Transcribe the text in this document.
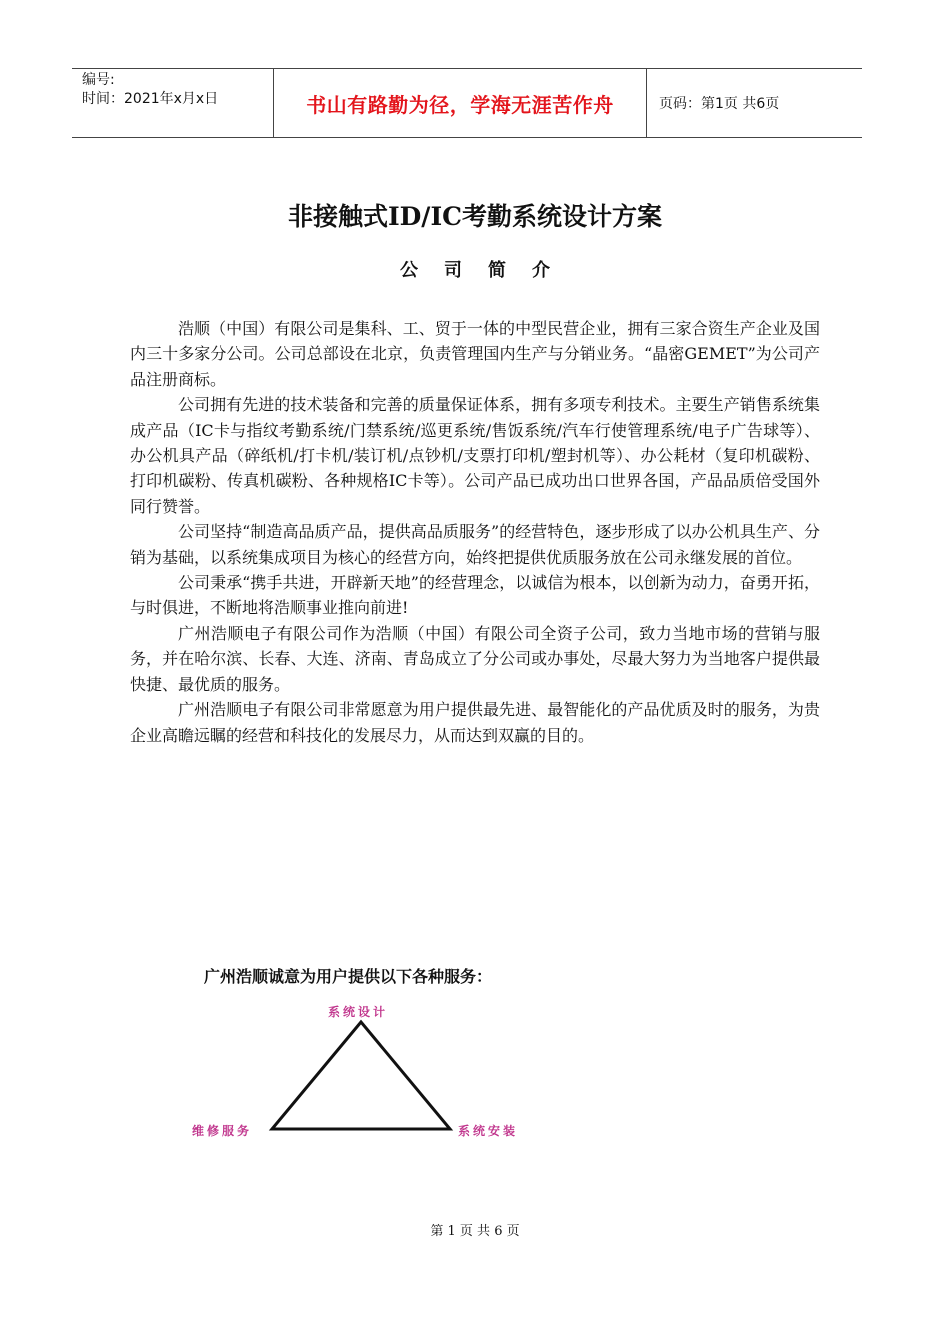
编号:
时间：2021年x月x日	书山有路勤为径，学海无涯苦作舟	页码：第1页 共6页
非接触式ID/IC考勤系统设计方案
公司简介

浩顺（中国）有限公司是集科、工、贸于一体的中型民营企业，拥有三家合资生产企业及国内三十多家分公司。公司总部设在北京，负责管理国内生产与分销业务。“晶密GEMET”为公司产品注册商标。

公司拥有先进的技术装备和完善的质量保证体系，拥有多项专利技术。主要生产销售系统集成产品（IC卡与指纹考勤系统/门禁系统/巡更系统/售饭系统/汽车行使管理系统/电子广告球等）、办公机具产品（碎纸机/打卡机/装订机/点钞机/支票打印机/塑封机等）、办公耗材（复印机碳粉、打印机碳粉、传真机碳粉、各种规格IC卡等）。公司产品已成功出口世界各国，产品品质倍受国外同行赞誉。

公司坚持“制造高品质产品，提供高品质服务”的经营特色，逐步形成了以办公机具生产、分销为基础，以系统集成项目为核心的经营方向，始终把提供优质服务放在公司永继发展的首位。

公司秉承“携手共进，开辟新天地”的经营理念，以诚信为根本，以创新为动力，奋勇开拓，与时俱进，不断地将浩顺事业推向前进!

广州浩顺电子有限公司作为浩顺（中国）有限公司全资子公司，致力当地市场的营销与服务，并在哈尔滨、长春、大连、济南、青岛成立了分公司或办事处，尽最大努力为当地客户提供最快捷、最优质的服务。

广州浩顺电子有限公司非常愿意为用户提供最先进、最智能化的产品优质及时的服务，为贵企业高瞻远瞩的经营和科技化的发展尽力，从而达到双赢的目的。

广州浩顺诚意为用户提供以下各种服务：
系统设计
维修服务	系统安装
第 1 页 共 6 页
